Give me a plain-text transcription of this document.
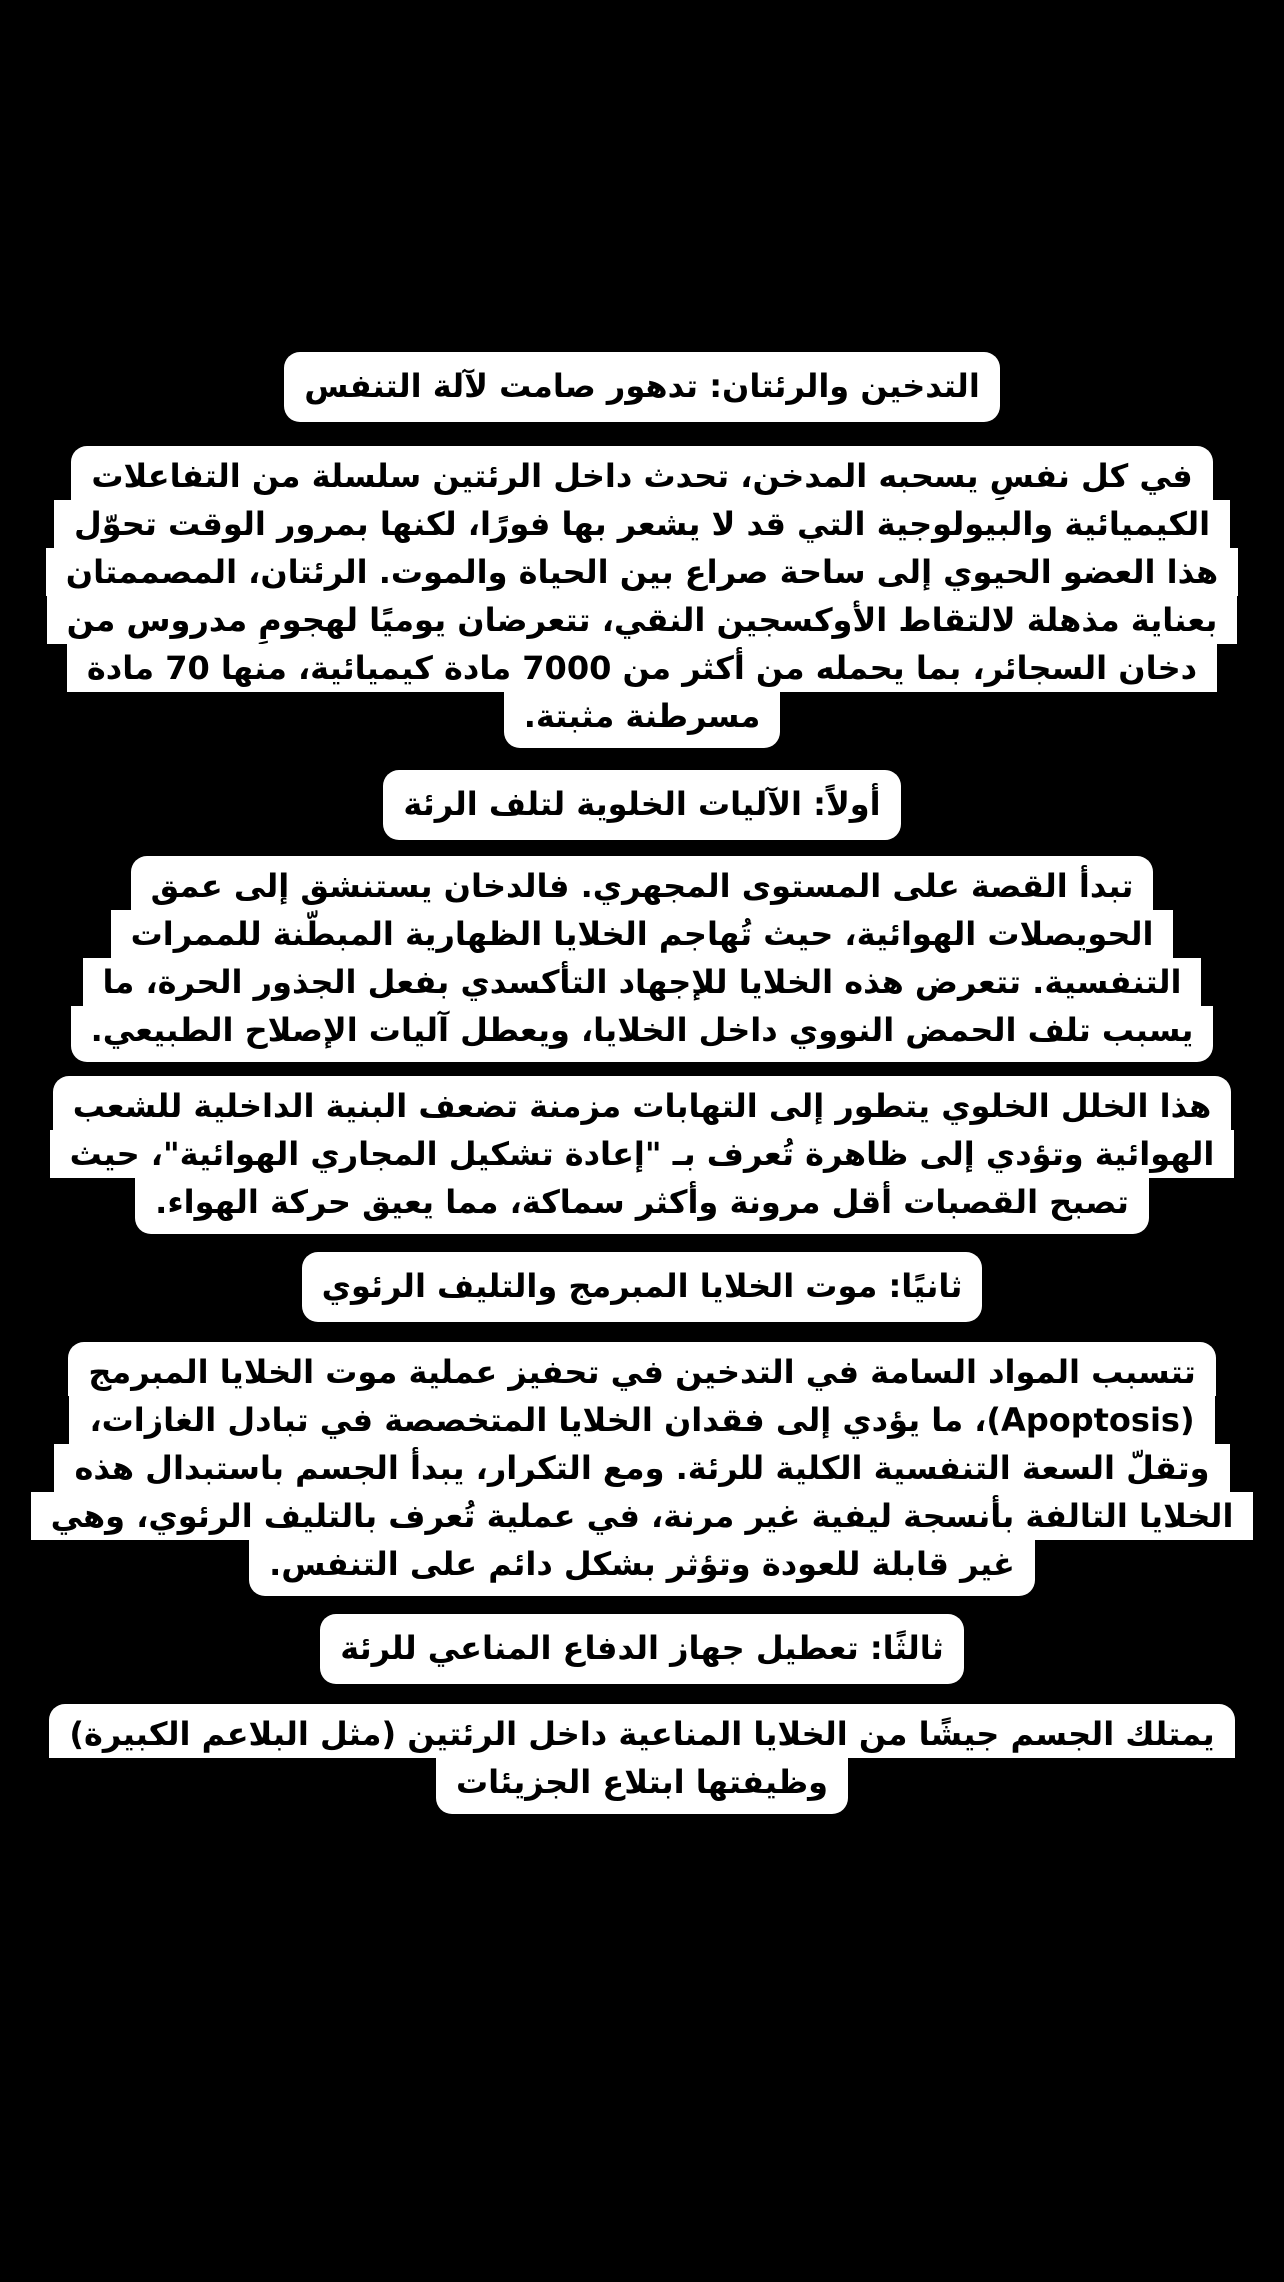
التدخين والرئتان: تدهور صامت لآلة التنفس
في كل نفسٍ يسحبه المدخن، تحدث داخل الرئتين سلسلة من التفاعلات
الكيميائية والبيولوجية التي قد لا يشعر بها فورًا، لكنها بمرور الوقت تحوّل
هذا العضو الحيوي إلى ساحة صراع بين الحياة والموت. الرئتان، المصممتان
بعناية مذهلة لالتقاط الأوكسجين النقي، تتعرضان يوميًا لهجومٍ مدروس من
دخان السجائر، بما يحمله من أكثر من 7000 مادة كيميائية، منها 70 مادة
مسرطنة مثبتة.
أولاً: الآليات الخلوية لتلف الرئة
تبدأ القصة على المستوى المجهري. فالدخان يستنشق إلى عمق
الحويصلات الهوائية، حيث تُهاجم الخلايا الظهارية المبطّنة للممرات
التنفسية. تتعرض هذه الخلايا للإجهاد التأكسدي بفعل الجذور الحرة، ما
يسبب تلف الحمض النووي داخل الخلايا، ويعطل آليات الإصلاح الطبيعي.
هذا الخلل الخلوي يتطور إلى التهابات مزمنة تضعف البنية الداخلية للشعب
الهوائية وتؤدي إلى ظاهرة تُعرف بـ "إعادة تشكيل المجاري الهوائية"، حيث
تصبح القصبات أقل مرونة وأكثر سماكة، مما يعيق حركة الهواء.
ثانيًا: موت الخلايا المبرمج والتليف الرئوي
تتسبب المواد السامة في التدخين في تحفيز عملية موت الخلايا المبرمج
(Apoptosis)، ما يؤدي إلى فقدان الخلايا المتخصصة في تبادل الغازات،
وتقلّ السعة التنفسية الكلية للرئة. ومع التكرار، يبدأ الجسم باستبدال هذه
الخلايا التالفة بأنسجة ليفية غير مرنة، في عملية تُعرف بالتليف الرئوي، وهي
غير قابلة للعودة وتؤثر بشكل دائم على التنفس.
ثالثًا: تعطيل جهاز الدفاع المناعي للرئة
يمتلك الجسم جيشًا من الخلايا المناعية داخل الرئتين (مثل البلاعم الكبيرة)
وظيفتها ابتلاع الجزيئات
